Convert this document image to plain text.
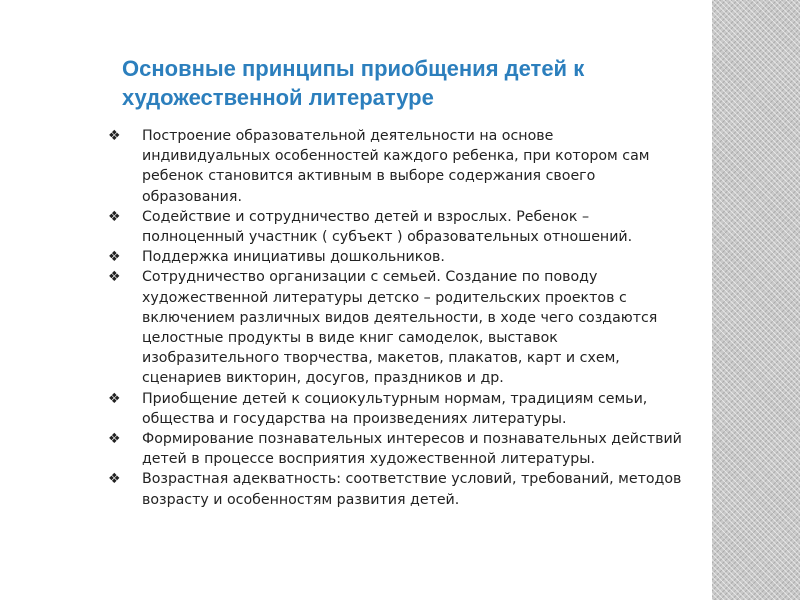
Основные принципы приобщения детей к художественной литературе
❖ Построение образовательной деятельности на основе индивидуальных особенностей каждого ребенка, при котором сам ребенок становится активным в выборе содержания своего образования.
❖ Содействие и сотрудничество детей и взрослых. Ребенок – полноценный участник ( субъект ) образовательных отношений.
❖ Поддержка инициативы дошкольников.
❖ Сотрудничество организации с семьей. Создание по поводу художественной литературы детско – родительских проектов с включением различных видов деятельности, в ходе чего создаются целостные продукты в виде книг самоделок, выставок изобразительного творчества, макетов, плакатов, карт и схем, сценариев викторин, досугов, праздников и др.
❖ Приобщение детей к социокультурным нормам, традициям семьи, общества и государства на произведениях литературы.
❖ Формирование познавательных интересов и познавательных действий детей в процессе восприятия художественной литературы.
❖ Возрастная адекватность: соответствие условий, требований, методов возрасту и особенностям развития детей.
